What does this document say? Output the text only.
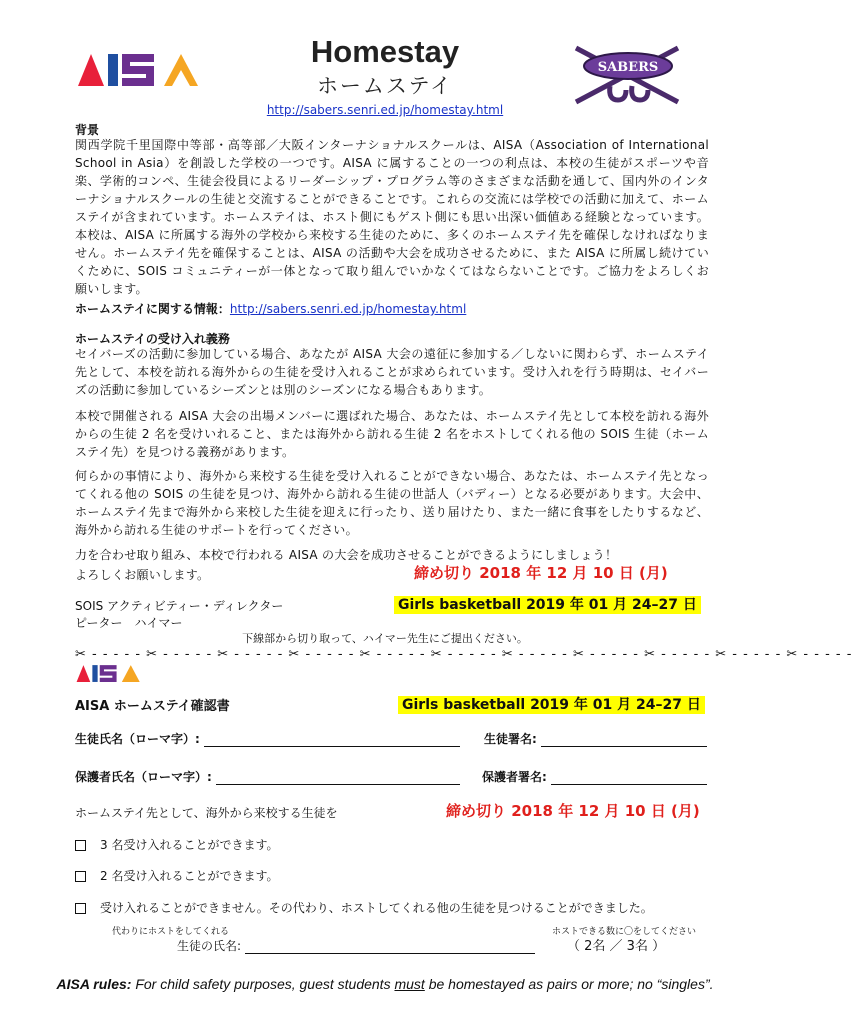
Homestay
ホームステイ
SABERS
http://sabers.senri.ed.jp/homestay.html
背景
関西学院千里国際中等部・高等部／大阪インターナショナルスクールは、AISA（Association of International School in Asia）を創設した学校の一つです。AISA に属することの一つの利点は、本校の生徒がスポーツや音楽、学術的コンペ、生徒会役員によるリーダーシップ・プログラム等のさまざまな活動を通して、国内外のインターナショナルスクールの生徒と交流することができることです。これらの交流には学校での活動に加えて、ホームステイが含まれています。ホームステイは、ホスト側にもゲスト側にも思い出深い価値ある経験となっています。本校は、AISA に所属する海外の学校から来校する生徒のために、多くのホームステイ先を確保しなければなりません。ホームステイ先を確保することは、AISA の活動や大会を成功させるために、また AISA に所属し続けていくために、SOIS コミュニティーが一体となって取り組んでいかなくてはならないことです。ご協力をよろしくお願いします。
ホームステイに関する情報：http://sabers.senri.ed.jp/homestay.html
ホームステイの受け入れ義務
セイバーズの活動に参加している場合、あなたが AISA 大会の遠征に参加する／しないに関わらず、ホームステイ先として、本校を訪れる海外からの生徒を受け入れることが求められています。受け入れを行う時期は、セイバーズの活動に参加しているシーズンとは別のシーズンになる場合もあります。
本校で開催される AISA 大会の出場メンバーに選ばれた場合、あなたは、ホームステイ先として本校を訪れる海外からの生徒 2 名を受けいれること、または海外から訪れる生徒 2 名をホストしてくれる他の SOIS 生徒（ホームステイ先）を見つける義務があります。
何らかの事情により、海外から来校する生徒を受け入れることができない場合、あなたは、ホームステイ先となってくれる他の SOIS の生徒を見つけ、海外から訪れる生徒の世話人（バディー）となる必要があります。大会中、ホームステイ先まで海外から来校した生徒を迎えに行ったり、送り届けたり、また一緒に食事をしたりするなど、海外から訪れる生徒のサポートを行ってください。
力を合わせ取り組み、本校で行われる AISA の大会を成功させることができるようにしましょう！
よろしくお願いします。	締め切り 2018 年 12 月 10 日 (月)
SOIS アクティビティー・ディレクター
ピーター　ハイマー
Girls basketball 2019 年 01 月 24–27 日
下線部から切り取って、ハイマー先生にご提出ください。
✂ - - - - - ✂ - - - - - ✂ - - - - - ✂ - - - - - ✂ - - - - - ✂ - - - - - ✂ - - - - - ✂ - - - - - ✂ - - - - - ✂ - - - - - ✂ - - - - -
AISA ホームステイ確認書	Girls basketball 2019 年 01 月 24–27 日
生徒氏名（ローマ字）:	生徒署名:
保護者氏名（ローマ字）:	保護者署名:
ホームステイ先として、海外から来校する生徒を	締め切り 2018 年 12 月 10 日 (月)
3 名受け入れることができます。
2 名受け入れることができます。
受け入れることができません。その代わり、ホストしてくれる他の生徒を見つけることができました。
代わりにホストをしてくれる
生徒の氏名:
ホストできる数に〇をしてください
（ 2名 ／ 3名 ）
AISA rules: For child safety purposes, guest students must be homestayed as pairs or more; no “singles”.
